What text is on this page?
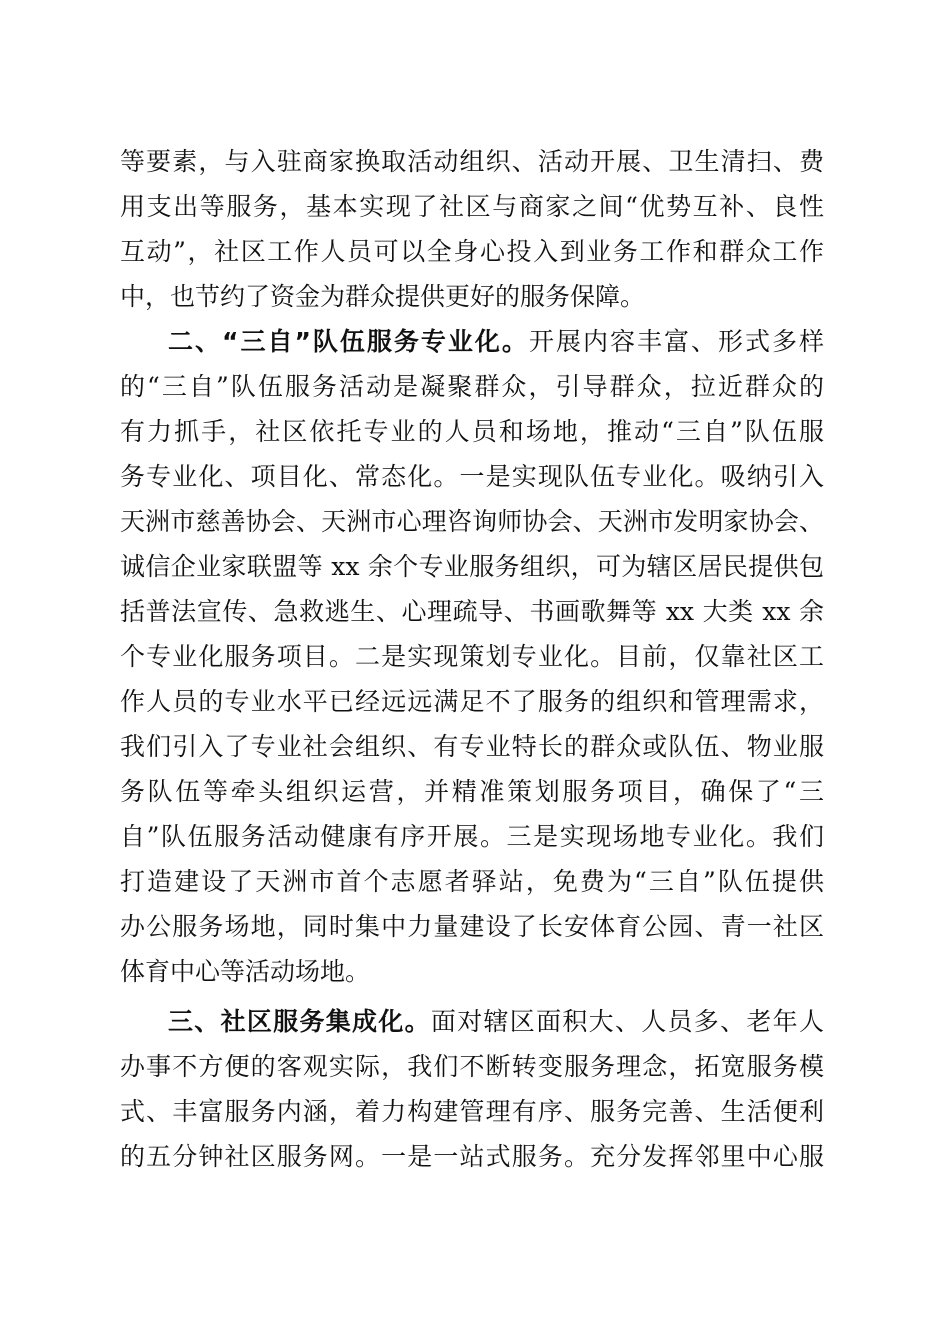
等要素，与入驻商家换取活动组织、活动开展、卫生清扫、费
用支出等服务，基本实现了社区与商家之间“优势互补、良性
互动”，社区工作人员可以全身心投入到业务工作和群众工作
中，也节约了资金为群众提供更好的服务保障。
二、“三自”队伍服务专业化。开展内容丰富、形式多样
的“三自”队伍服务活动是凝聚群众，引导群众，拉近群众的
有力抓手，社区依托专业的人员和场地，推动“三自”队伍服
务专业化、项目化、常态化。一是实现队伍专业化。吸纳引入
天洲市慈善协会、天洲市心理咨询师协会、天洲市发明家协会、
诚信企业家联盟等 xx 余个专业服务组织，可为辖区居民提供包
括普法宣传、急救逃生、心理疏导、书画歌舞等 xx 大类 xx 余
个专业化服务项目。二是实现策划专业化。目前，仅靠社区工
作人员的专业水平已经远远满足不了服务的组织和管理需求，
我们引入了专业社会组织、有专业特长的群众或队伍、物业服
务队伍等牵头组织运营，并精准策划服务项目，确保了“三
自”队伍服务活动健康有序开展。三是实现场地专业化。我们
打造建设了天洲市首个志愿者驿站，免费为“三自”队伍提供
办公服务场地，同时集中力量建设了长安体育公园、青一社区
体育中心等活动场地。
三、社区服务集成化。面对辖区面积大、人员多、老年人
办事不方便的客观实际，我们不断转变服务理念，拓宽服务模
式、丰富服务内涵，着力构建管理有序、服务完善、生活便利
的五分钟社区服务网。一是一站式服务。充分发挥邻里中心服
